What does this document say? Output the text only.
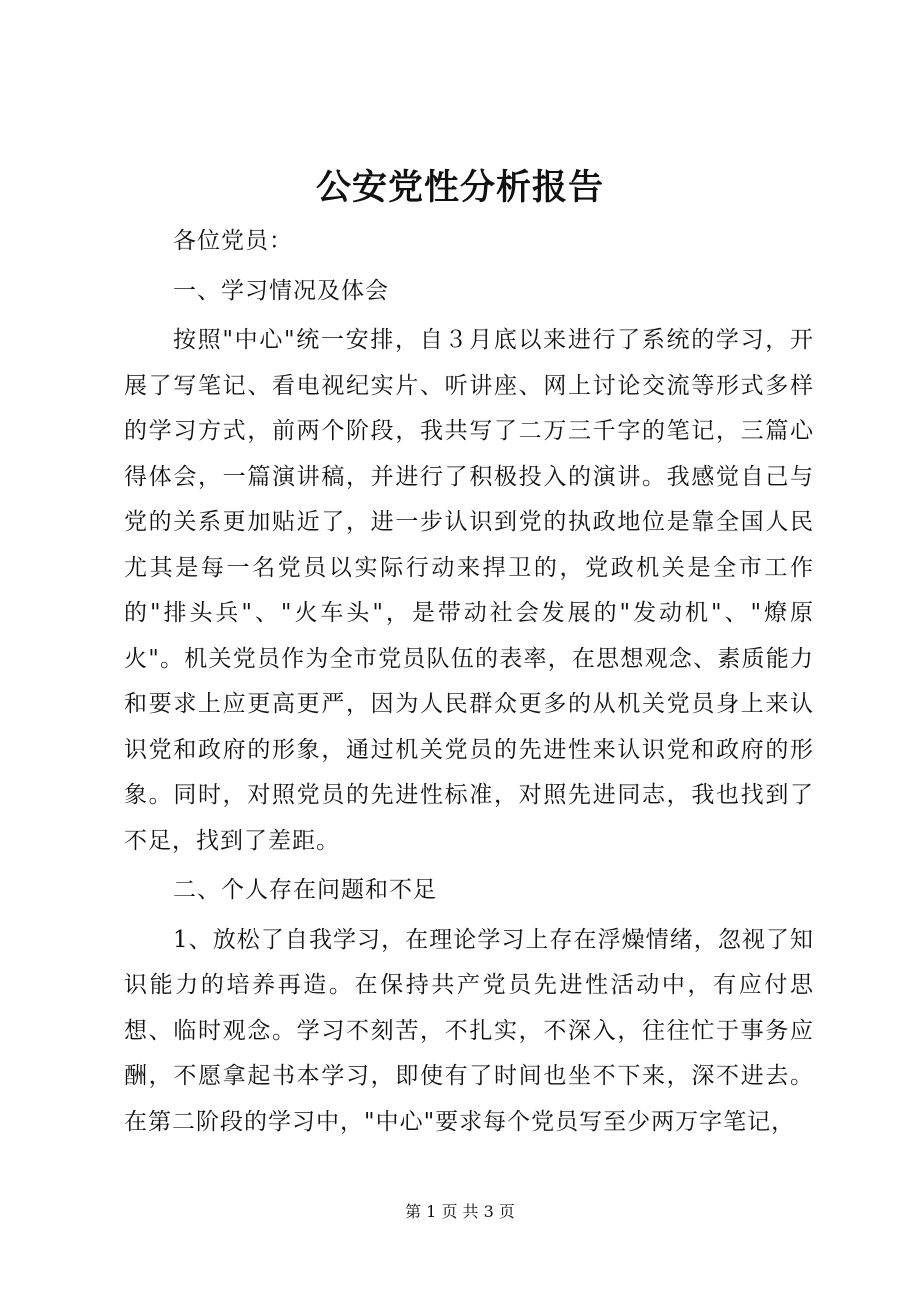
公安党性分析报告

各位党员：

一、学习情况及体会

按照"中心"统一安排，自３月底以来进行了系统的学习，开展了写笔记、看电视纪实片、听讲座、网上讨论交流等形式多样的学习方式，前两个阶段，我共写了二万三千字的笔记，三篇心得体会，一篇演讲稿，并进行了积极投入的演讲。我感觉自己与党的关系更加贴近了，进一步认识到党的执政地位是靠全国人民尤其是每一名党员以实际行动来捍卫的，党政机关是全市工作的"排头兵"、"火车头"，是带动社会发展的"发动机"、"燎原火"。机关党员作为全市党员队伍的表率，在思想观念、素质能力和要求上应更高更严，因为人民群众更多的从机关党员身上来认识党和政府的形象，通过机关党员的先进性来认识党和政府的形象。同时，对照党员的先进性标准，对照先进同志，我也找到了不足，找到了差距。

二、个人存在问题和不足

1、放松了自我学习，在理论学习上存在浮燥情绪，忽视了知识能力的培养再造。在保持共产党员先进性活动中，有应付思想、临时观念。学习不刻苦，不扎实，不深入，往往忙于事务应酬，不愿拿起书本学习，即使有了时间也坐不下来，深不进去。在第二阶段的学习中，"中心"要求每个党员写至少两万字笔记，

第 1 页 共 3 页
